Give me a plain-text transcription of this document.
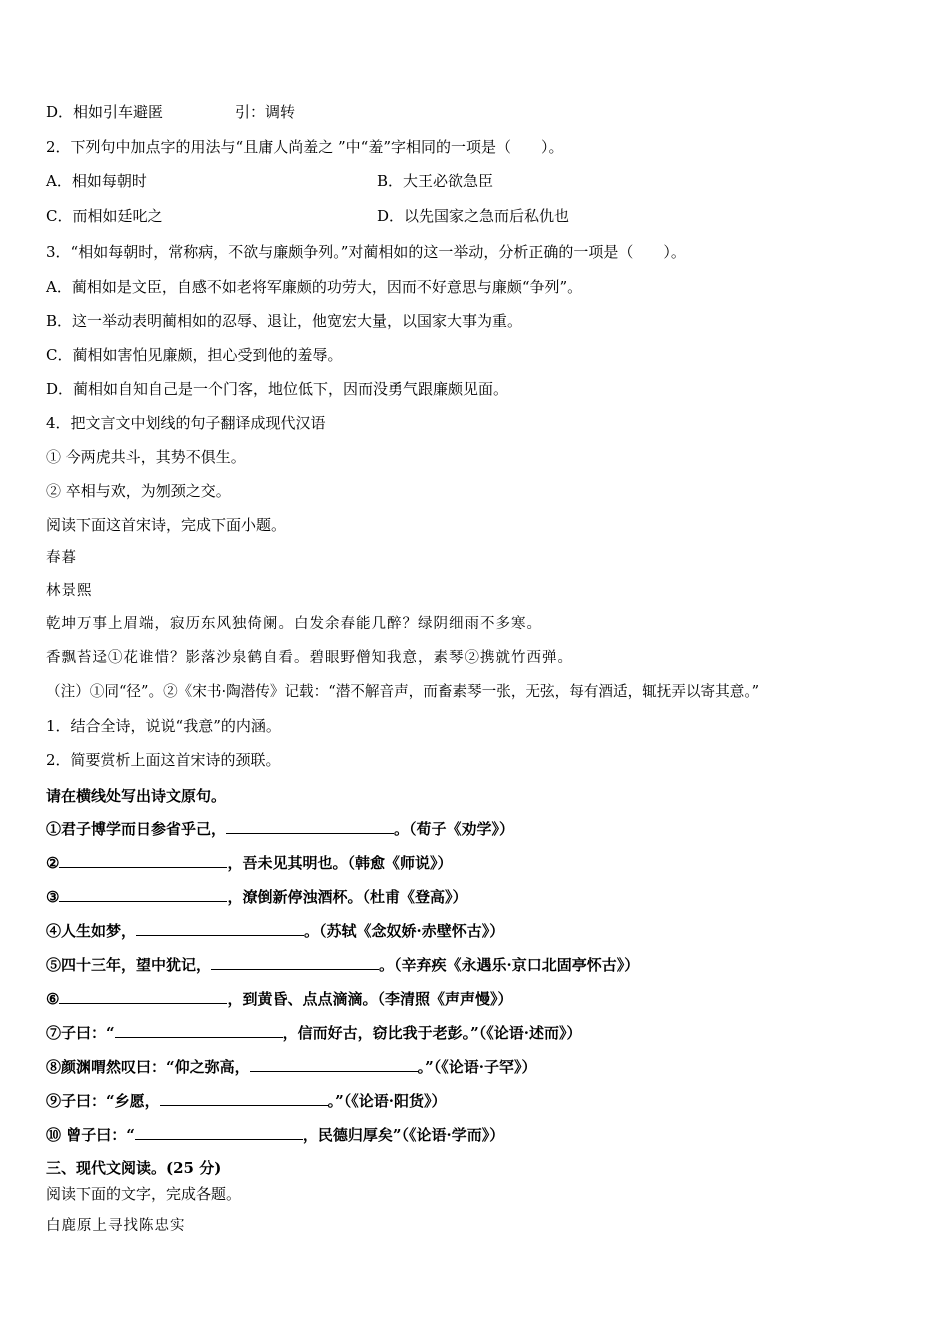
D．相如引车避匿	引：调转
2．下列句中加点字的用法与“且庸人尚羞之 ”中“羞”字相同的一项是（　　）。
A．相如每朝时	B．大王必欲急臣
C．而相如廷叱之	D．以先国家之急而后私仇也
3．“相如每朝时，常称病，不欲与廉颇争列。”对蔺相如的这一举动，分析正确的一项是（　　）。
A．蔺相如是文臣，自感不如老将军廉颇的功劳大，因而不好意思与廉颇“争列”。
B．这一举动表明蔺相如的忍辱、退让，他宽宏大量，以国家大事为重。
C．蔺相如害怕见廉颇，担心受到他的羞辱。
D．蔺相如自知自己是一个门客，地位低下，因而没勇气跟廉颇见面。
4．把文言文中划线的句子翻译成现代汉语
① 今两虎共斗，其势不俱生。
② 卒相与欢，为刎颈之交。
阅读下面这首宋诗，完成下面小题。
春暮
林景熙
乾坤万事上眉端，寂历东风独倚阑。白发余春能几醉？绿阴细雨不多寒。
香飘苔迳①花谁惜？影落沙泉鹤自看。碧眼野僧知我意，素琴②携就竹西弹。
（注）①同“径”。②《宋书·陶潜传》记载：“潜不解音声，而畜素琴一张，无弦，每有酒适，辄抚弄以寄其意。”
1．结合全诗，说说“我意”的内涵。
2．简要赏析上面这首宋诗的颈联。
请在横线处写出诗文原句。
①君子博学而日参省乎己，	。（荀子《劝学》）
②	，吾未见其明也。（韩愈《师说》）
③	，潦倒新停浊酒杯。（杜甫《登高》）
④人生如梦，	。（苏轼《念奴娇·赤壁怀古》）
⑤四十三年，望中犹记，	。（辛弃疾《永遇乐·京口北固亭怀古》）
⑥	，到黄昏、点点滴滴。（李清照《声声慢》）
⑦子曰：“	，信而好古，窃比我于老彭。”（《论语·述而》）
⑧颜渊喟然叹曰：“仰之弥高，	。”（《论语·子罕》）
⑨子曰：“乡愿，	。”（《论语·阳货》）
⑩ 曾子曰：“	，民德归厚矣”（《论语·学而》）
三、现代文阅读。(25 分)
阅读下面的文字，完成各题。
白鹿原上寻找陈忠实
